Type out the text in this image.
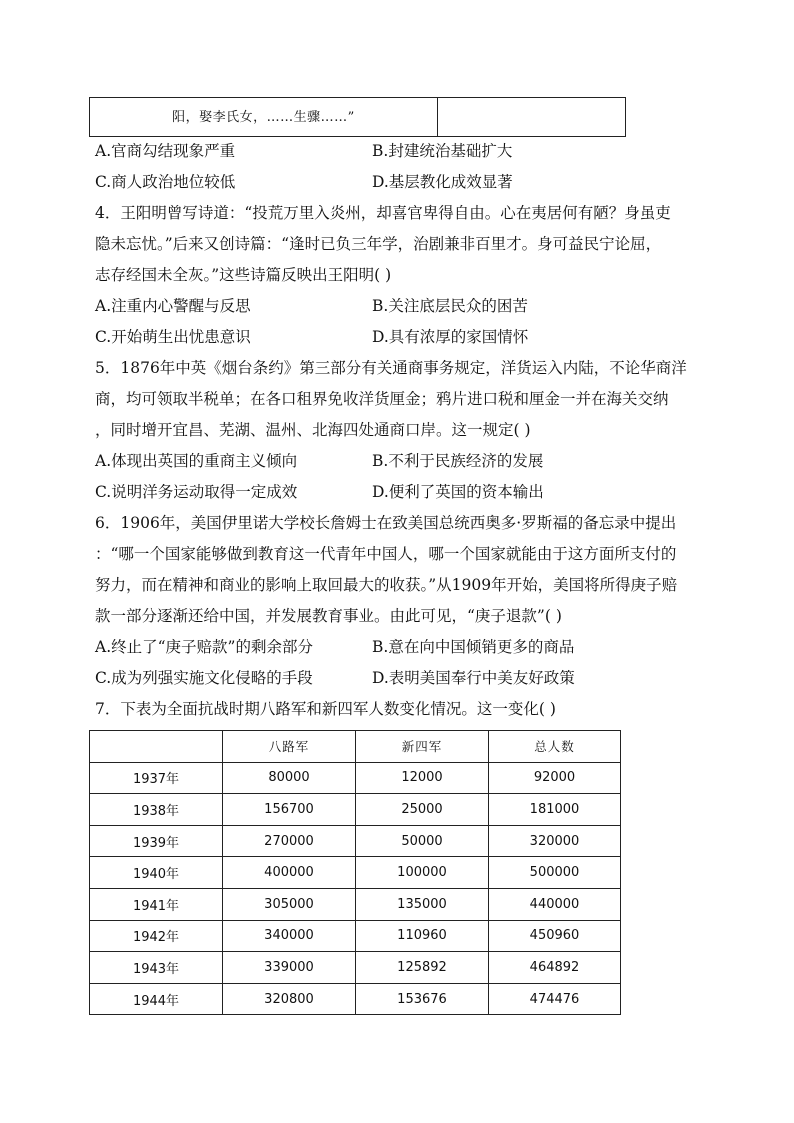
阳，娶李氏女，……生骤……”	
A.官商勾结现象严重	B.封建统治基础扩大
C.商人政治地位较低	D.基层教化成效显著
4．王阳明曾写诗道：“投荒万里入炎州，却喜官卑得自由。心在夷居何有陋？身虽吏
隐未忘忧。”后来又创诗篇：“逢时已负三年学，治剧兼非百里才。身可益民宁论屈，
志存经国未全灰。”这些诗篇反映出王阳明( )
A.注重内心警醒与反思	B.关注底层民众的困苦
C.开始萌生出忧患意识	D.具有浓厚的家国情怀
5．1876年中英《烟台条约》第三部分有关通商事务规定，洋货运入内陆，不论华商洋
商，均可领取半税单；在各口租界免收洋货厘金；鸦片进口税和厘金一并在海关交纳
，同时增开宜昌、芜湖、温州、北海四处通商口岸。这一规定( )
A.体现出英国的重商主义倾向	B.不利于民族经济的发展
C.说明洋务运动取得一定成效	D.便利了英国的资本输出
6．1906年，美国伊里诺大学校长詹姆士在致美国总统西奥多·罗斯福的备忘录中提出
：“哪一个国家能够做到教育这一代青年中国人，哪一个国家就能由于这方面所支付的
努力，而在精神和商业的影响上取回最大的收获。”从1909年开始，美国将所得庚子赔
款一部分逐渐还给中国，并发展教育事业。由此可见，“庚子退款”( )
A.终止了“庚子赔款”的剩余部分	B.意在向中国倾销更多的商品
C.成为列强实施文化侵略的手段	D.表明美国奉行中美友好政策
7．下表为全面抗战时期八路军和新四军人数变化情况。这一变化( )
	八路军	新四军	总人数
1937年	80000	12000	92000
1938年	156700	25000	181000
1939年	270000	50000	320000
1940年	400000	100000	500000
1941年	305000	135000	440000
1942年	340000	110960	450960
1943年	339000	125892	464892
1944年	320800	153676	474476
